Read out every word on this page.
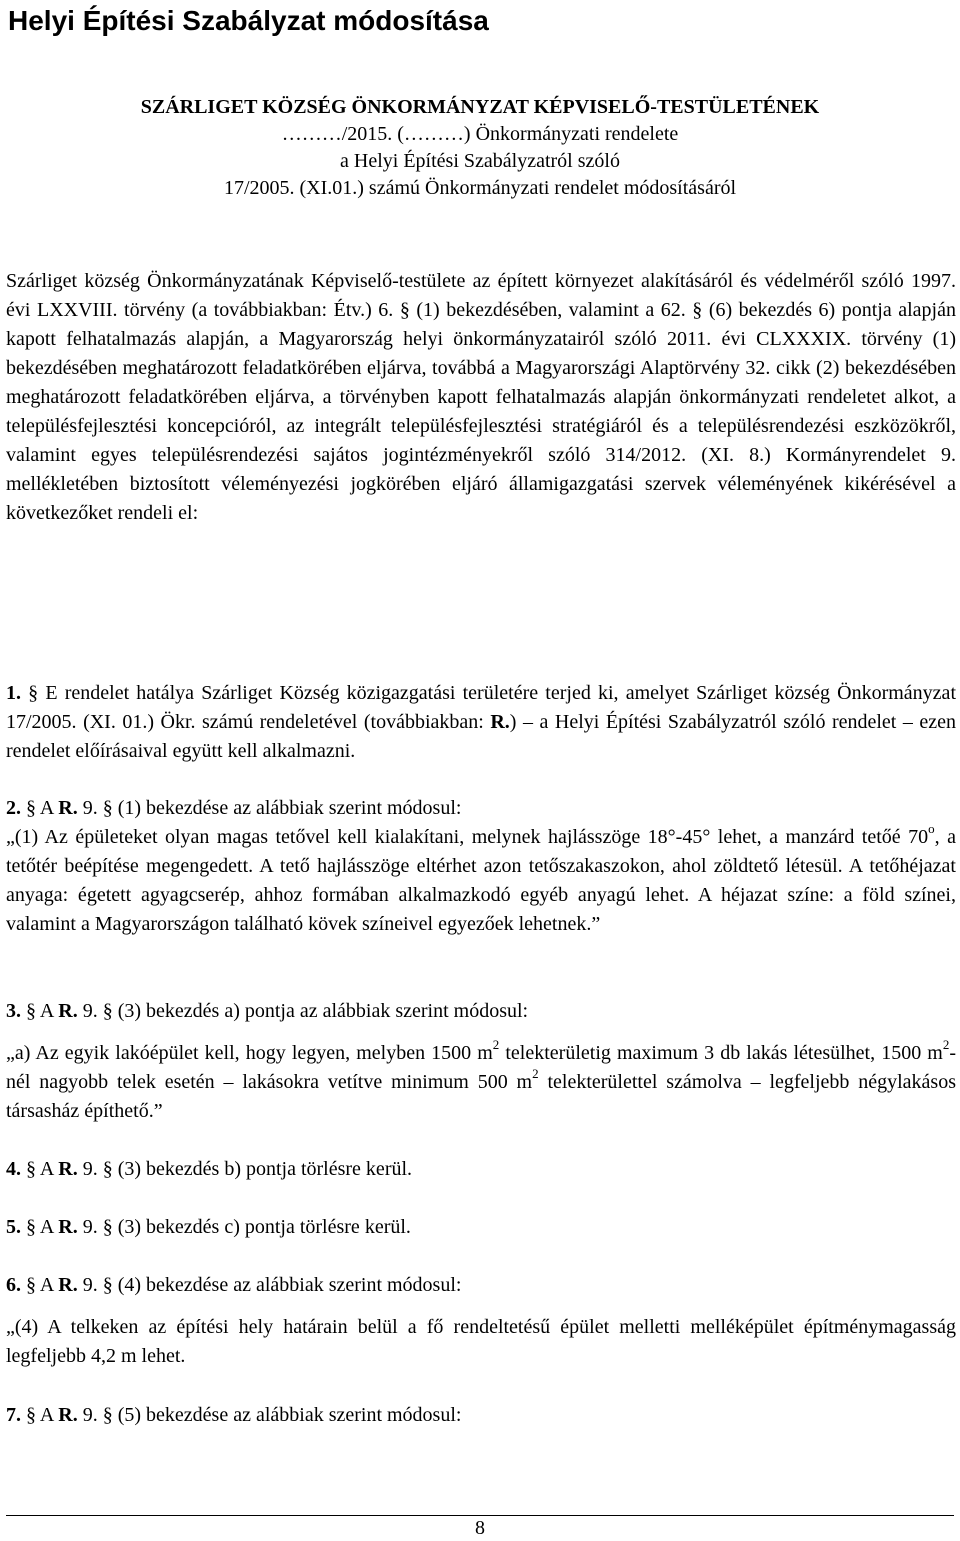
Helyi Építési Szabályzat módosítása
SZÁRLIGET KÖZSÉG ÖNKORMÁNYZAT KÉPVISELŐ-TESTÜLETÉNEK
………/2015. (………) Önkormányzati rendelete
a Helyi Építési Szabályzatról szóló
17/2005. (XI.01.) számú Önkormányzati rendelet módosításáról

Szárliget község Önkormányzatának Képviselő-testülete az épített környezet alakításáról és védelméről szóló 1997. évi LXXVIII. törvény (a továbbiakban: Étv.) 6. § (1) bekezdésében, valamint a 62. § (6) bekezdés 6) pontja alapján kapott felhatalmazás alapján, a Magyarország helyi önkormányzatairól szóló 2011. évi CLXXXIX. törvény (1) bekezdésében meghatározott feladatkörében eljárva, továbbá a Magyarországi Alaptörvény 32. cikk (2) bekezdésében meghatározott feladatkörében eljárva, a törvényben kapott felhatalmazás alapján önkormányzati rendeletet alkot, a településfejlesztési koncepcióról, az integrált településfejlesztési stratégiáról és a településrendezési eszközökről, valamint egyes településrendezési sajátos jogintézményekről szóló 314/2012. (XI. 8.) Kormányrendelet 9. mellékletében biztosított véleményezési jogkörében eljáró államigazgatási szervek véleményének kikérésével a következőket rendeli el:

1. § E rendelet hatálya Szárliget Község közigazgatási területére terjed ki, amelyet Szárliget község Önkormányzat 17/2005. (XI. 01.) Ökr. számú rendeletével (továbbiakban: R.) – a Helyi Építési Szabályzatról szóló rendelet – ezen rendelet előírásaival együtt kell alkalmazni.

2. § A R. 9. § (1) bekezdése az alábbiak szerint módosul:

„(1) Az épületeket olyan magas tetővel kell kialakítani, melynek hajlásszöge 18°-45° lehet, a manzárd tetőé 70$^o$, a tetőtér beépítése megengedett. A tető hajlásszöge eltérhet azon tetőszakaszokon, ahol zöldtető létesül. A tetőhéjazat anyaga: égetett agyagcserép, ahhoz formában alkalmazkodó egyéb anyagú lehet. A héjazat színe: a föld színei, valamint a Magyarországon található kövek színeivel egyezőek lehetnek.”

3. § A R. 9. § (3) bekezdés a) pontja az alábbiak szerint módosul:

„a) Az egyik lakóépület kell, hogy legyen, melyben 1500 $m^2$ telekterületig maximum 3 db lakás létesülhet, 1500 $m^2$-nél nagyobb telek esetén – lakásokra vetítve minimum 500 $m^2$ telekterülettel számolva – legfeljebb négylakásos társasház építhető.”

4. § A R. 9. § (3) bekezdés b) pontja törlésre kerül.

5. § A R. 9. § (3) bekezdés c) pontja törlésre kerül.

6. § A R. 9. § (4) bekezdése az alábbiak szerint módosul:

„(4) A telkeken az építési hely határain belül a fő rendeltetésű épület melletti melléképület építménymagasság legfeljebb 4,2 m lehet.

7. § A R. 9. § (5) bekezdése az alábbiak szerint módosul:

8
